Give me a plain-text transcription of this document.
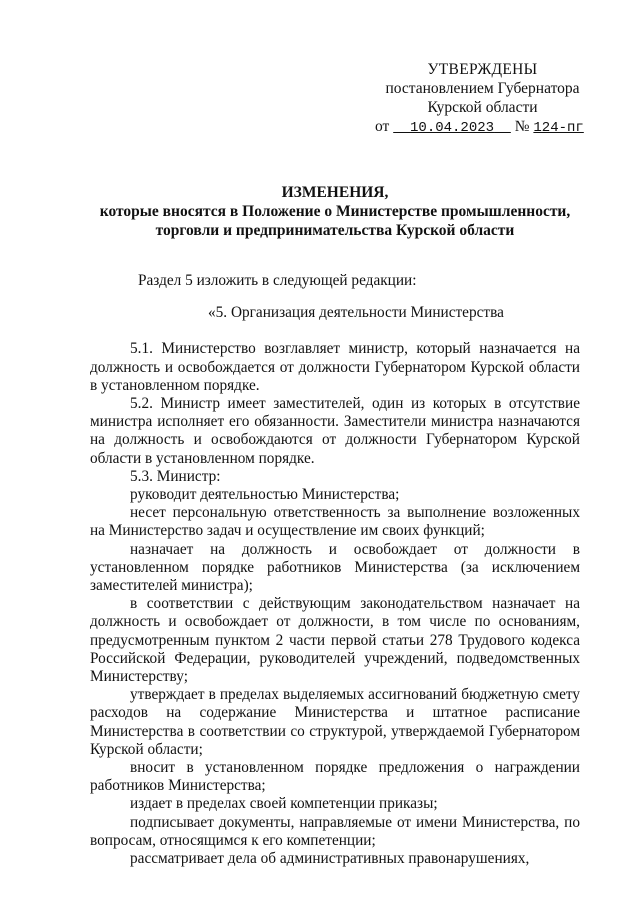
УТВЕРЖДЕНЫ
постановлением Губернатора
Курской области
от 10.04.2023 № 124-пг
ИЗМЕНЕНИЯ,
которые вносятся в Положение о Министерстве промышленности,
торговли и предпринимательства Курской области

Раздел 5 изложить в следующей редакции:

«5. Организация деятельности Министерства

5.1. Министерство возглавляет министр, который назначается на должность и освобождается от должности Губернатором Курской области в установленном порядке.

5.2. Министр имеет заместителей, один из которых в отсутствие министра исполняет его обязанности. Заместители министра назначаются на должность и освобождаются от должности Губернатором Курской области в установленном порядке.

5.3. Министр:

руководит деятельностью Министерства;

несет персональную ответственность за выполнение возложенных на Министерство задач и осуществление им своих функций;

назначает на должность и освобождает от должности в установленном порядке работников Министерства (за исключением заместителей министра);

в соответствии с действующим законодательством назначает на должность и освобождает от должности, в том числе по основаниям, предусмотренным пунктом 2 части первой статьи 278 Трудового кодекса Российской Федерации, руководителей учреждений, подведомственных Министерству;

утверждает в пределах выделяемых ассигнований бюджетную смету расходов на содержание Министерства и штатное расписание Министерства в соответствии со структурой, утверждаемой Губернатором Курской области;

вносит в установленном порядке предложения о награждении работников Министерства;

издает в пределах своей компетенции приказы;

подписывает документы, направляемые от имени Министерства, по вопросам, относящимся к его компетенции;

рассматривает дела об административных правонарушениях,
